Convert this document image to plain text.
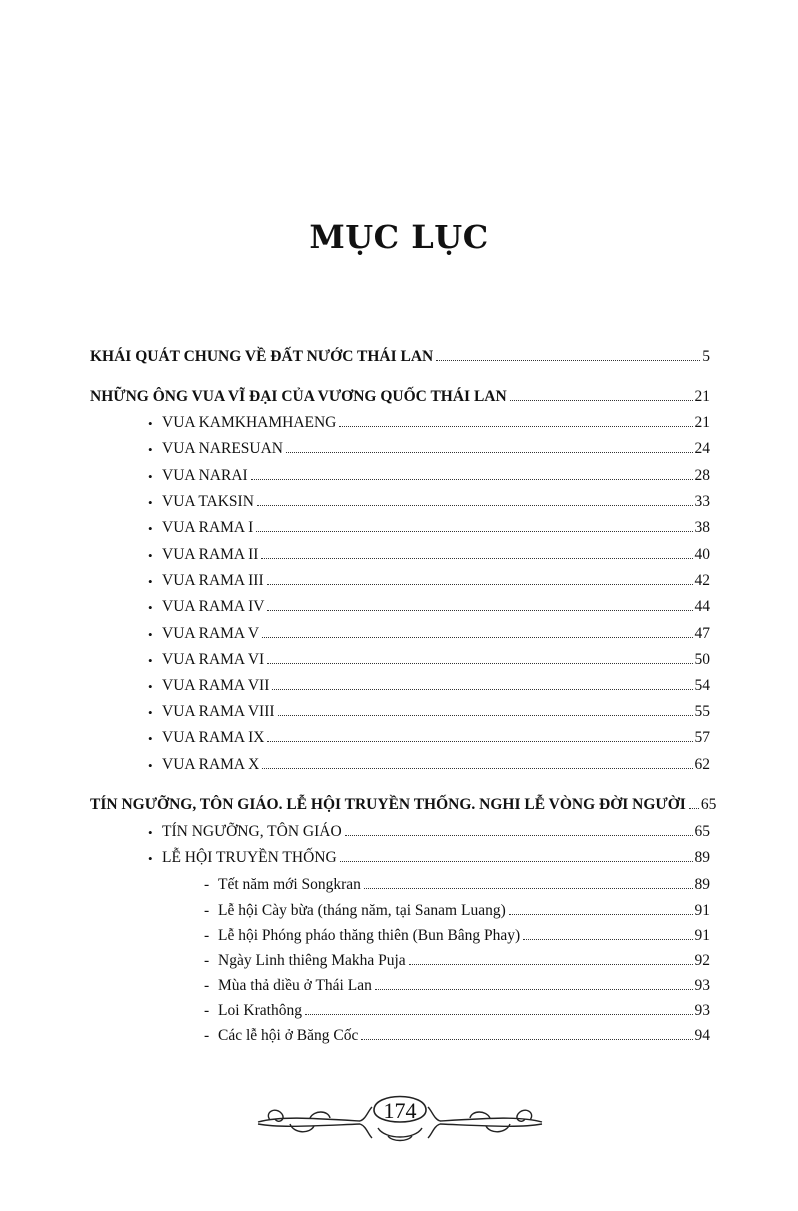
MỤC LỤC
KHÁI QUÁT CHUNG VỀ ĐẤT NƯỚC THÁI LAN	5
NHỮNG ÔNG VUA VĨ ĐẠI CỦA VƯƠNG QUỐC THÁI LAN	21
• VUA KAMKHAMHAENG	21
• VUA NARESUAN	24
• VUA NARAI	28
• VUA TAKSIN	33
• VUA RAMA I	38
• VUA RAMA II	40
• VUA RAMA III	42
• VUA RAMA IV	44
• VUA RAMA V	47
• VUA RAMA VI	50
• VUA RAMA VII	54
• VUA RAMA VIII	55
• VUA RAMA IX	57
• VUA RAMA X	62
TÍN NGƯỠNG, TÔN GIÁO. LỄ HỘI TRUYỀN THỐNG. NGHI LỄ VÒNG ĐỜI NGƯỜI 65
• TÍN NGƯỠNG, TÔN GIÁO	65
• LỄ HỘI TRUYỀN THỐNG	89
- Tết năm mới Songkran	89
- Lễ hội Cày bừa (tháng năm, tại Sanam Luang)	91
- Lễ hội Phóng pháo thăng thiên (Bun Bâng Phay)	91
- Ngày Linh thiêng Makha Puja	92
- Mùa thả diều ở Thái Lan	93
- Loi Krathông	93
- Các lễ hội ở Băng Cốc	94
174
